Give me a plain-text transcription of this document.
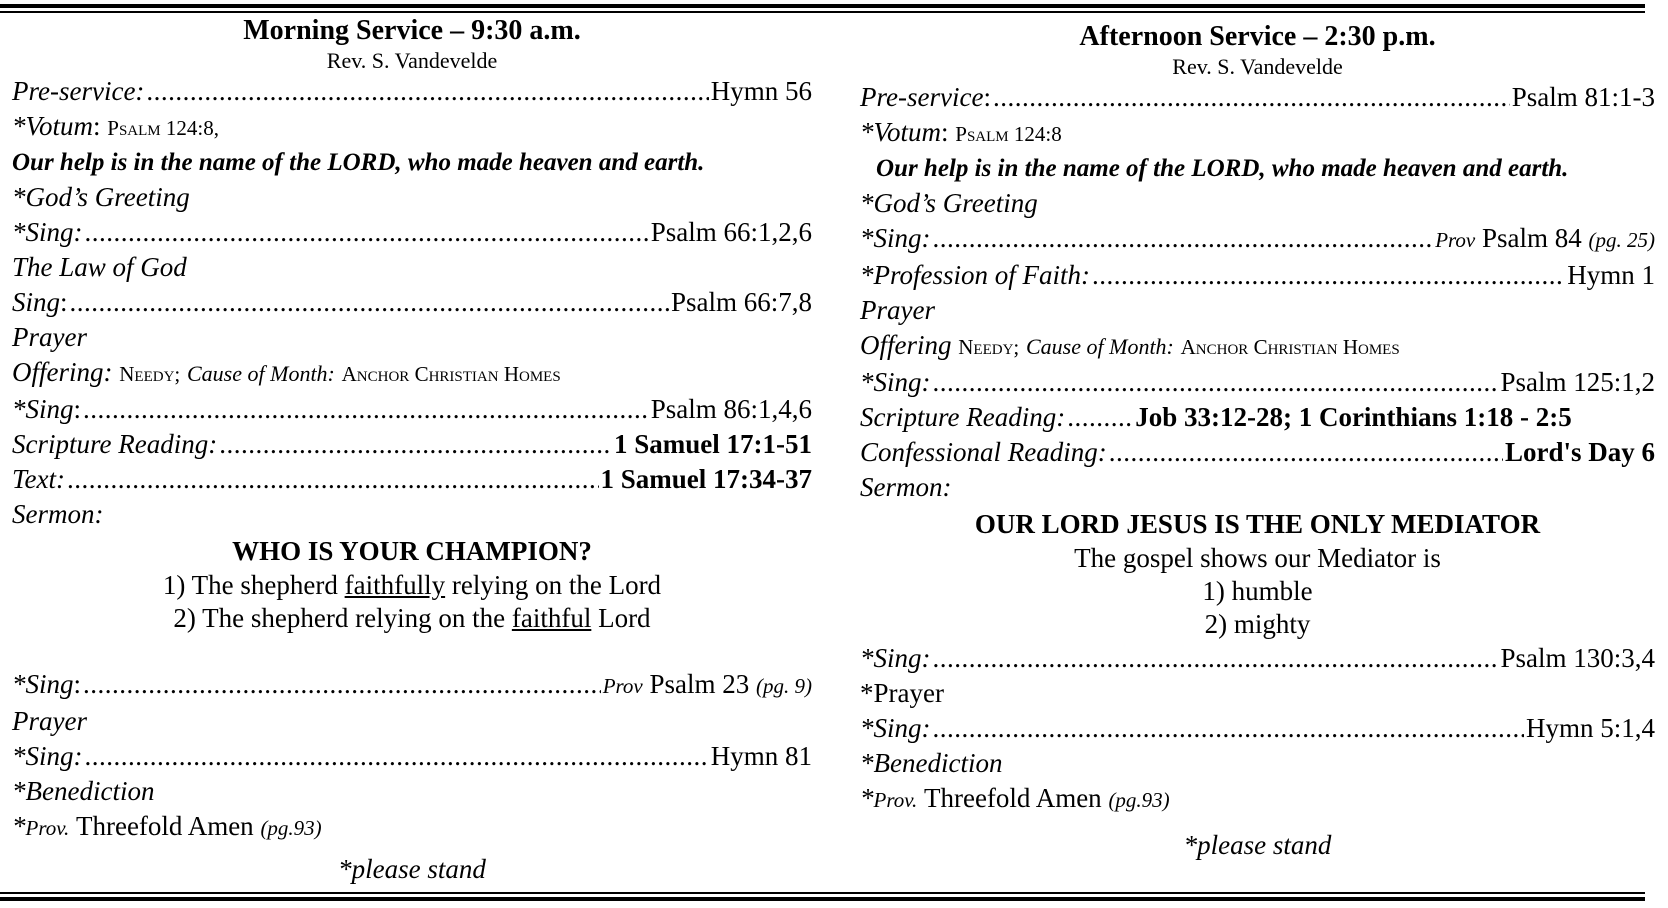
Morning Service – 9:30 a.m.
Rev. S. Vandevelde
Pre-service: .....	Hymn 56
*Votum :
Psalm 124:8,
Our help is in the name of the LORD, who made heaven and earth.
*God’s Greeting
*Sing: .....	Psalm 66:1,2,6
The Law of God
Sing : .....	Psalm 66:7,8
Prayer
Offering:
Needy;
Cause of Month:
Anchor Christian Homes
*Sing : .....	Psalm 86:1,4,6
Scripture Reading: .....	1 Samuel 17:1-51
Text: .....	1 Samuel 17:34-37
Sermon:
WHO IS YOUR CHAMPION?
1) The shepherd faithfully relying on the Lord
2) The shepherd relying on the faithful Lord
*Sing : .....	Prov Psalm 23 (pg. 9)
Prayer
*Sing: .....	Hymn 81
*Benediction
* Prov.
Threefold Amen
(pg.93)
*please stand
Afternoon Service – 2:30 p.m.
Rev. S. Vandevelde
Pre-service : .....	Psalm 81:1-3
*Votum :
Psalm 124:8
Our help is in the name of the LORD, who made heaven and earth.
*God’s Greeting
*Sing: .....	Prov Psalm 84 (pg. 25)
*Profession of Faith: .....	Hymn 1
Prayer
Offering
Needy;
Cause of Month:
Anchor Christian Homes
*Sing: .....	Psalm 125:1,2
Scripture Reading: .....	Job 33:12-28; 1 Corinthians 1:18 - 2:5
Confessional Reading: .....	Lord's Day 6
Sermon:
OUR LORD JESUS IS THE ONLY MEDIATOR
The gospel shows our Mediator is
1) humble
2) mighty
*Sing: .....	Psalm 130:3,4
*Prayer
*Sing: .....	Hymn 5:1,4
*Benediction
* Prov.
Threefold Amen
(pg.93)
*please stand
